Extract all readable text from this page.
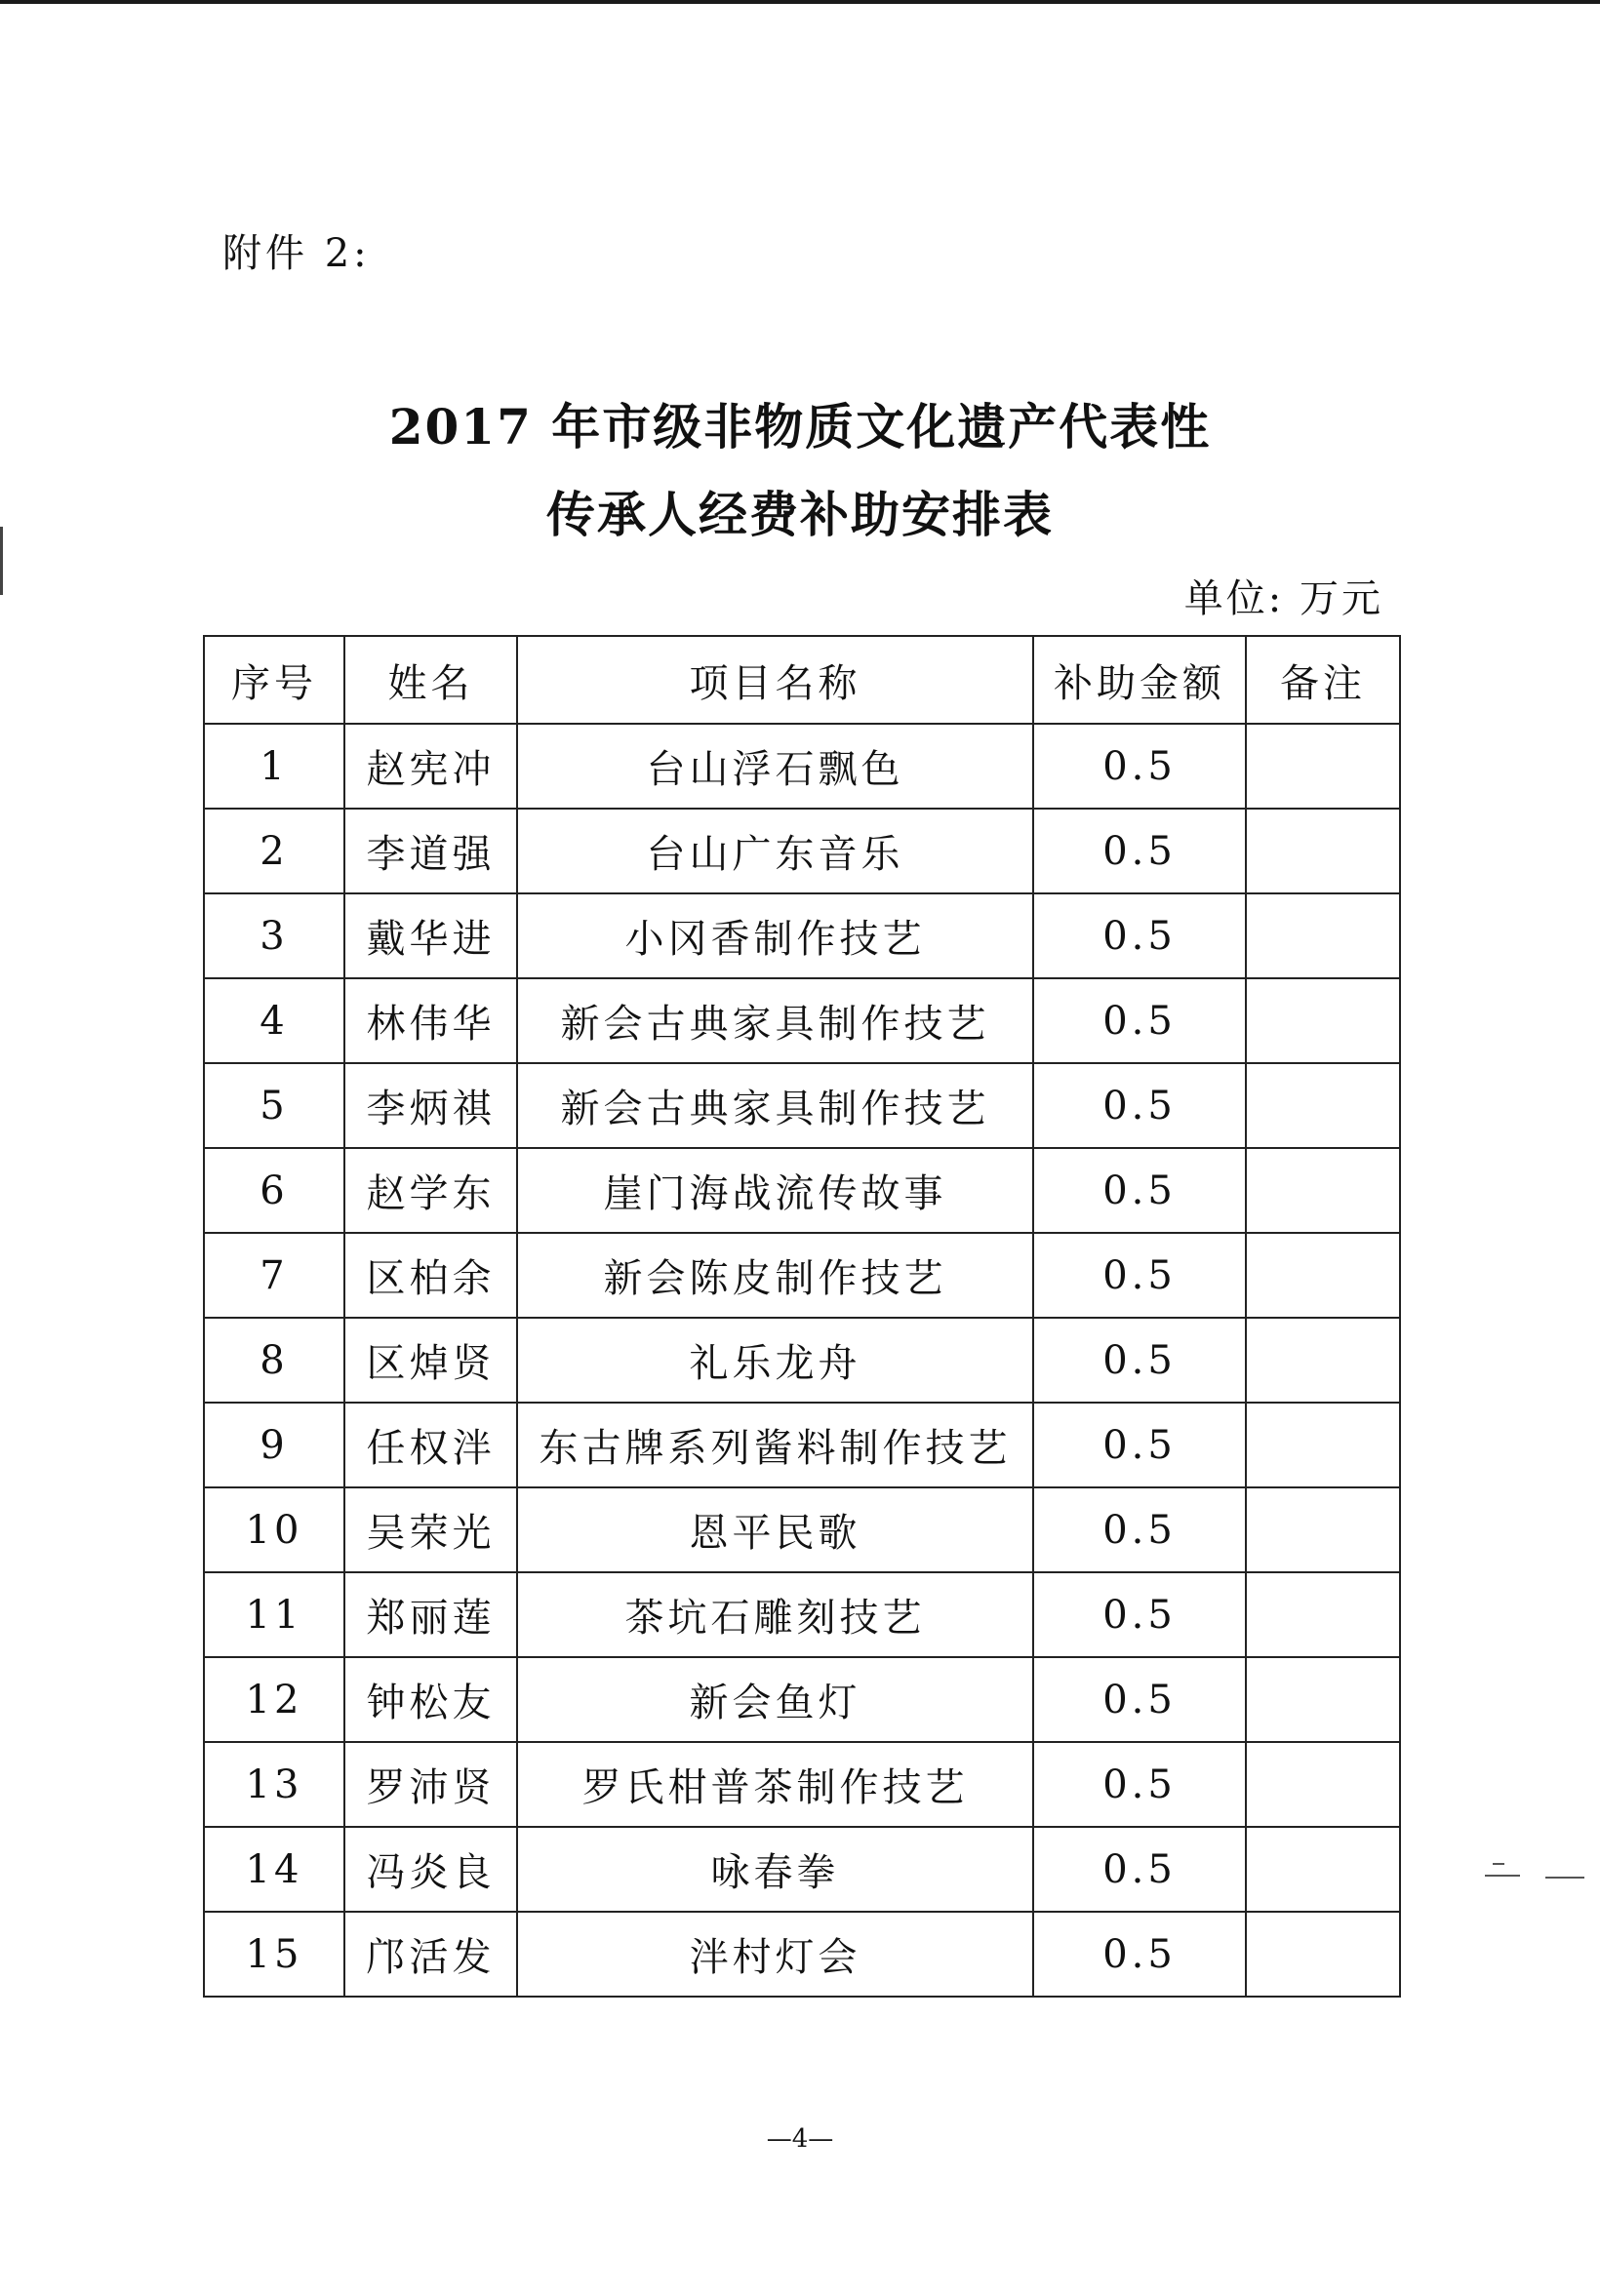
附件 2:
2017 年市级非物质文化遗产代表性
传承人经费补助安排表
单位: 万元
序号	姓名	项目名称	补助金额	备注
1	赵宪冲	台山浮石飘色	0.5	
2	李道强	台山广东音乐	0.5	
3	戴华进	小冈香制作技艺	0.5	
4	林伟华	新会古典家具制作技艺	0.5	
5	李炳祺	新会古典家具制作技艺	0.5	
6	赵学东	崖门海战流传故事	0.5	
7	区柏余	新会陈皮制作技艺	0.5	
8	区焯贤	礼乐龙舟	0.5	
9	任权泮	东古牌系列酱料制作技艺	0.5	
10	吴荣光	恩平民歌	0.5	
11	郑丽莲	茶坑石雕刻技艺	0.5	
12	钟松友	新会鱼灯	0.5	
13	罗沛贤	罗氏柑普茶制作技艺	0.5	
14	冯炎良	咏春拳	0.5	
15	邝活发	泮村灯会	0.5	
—4—
